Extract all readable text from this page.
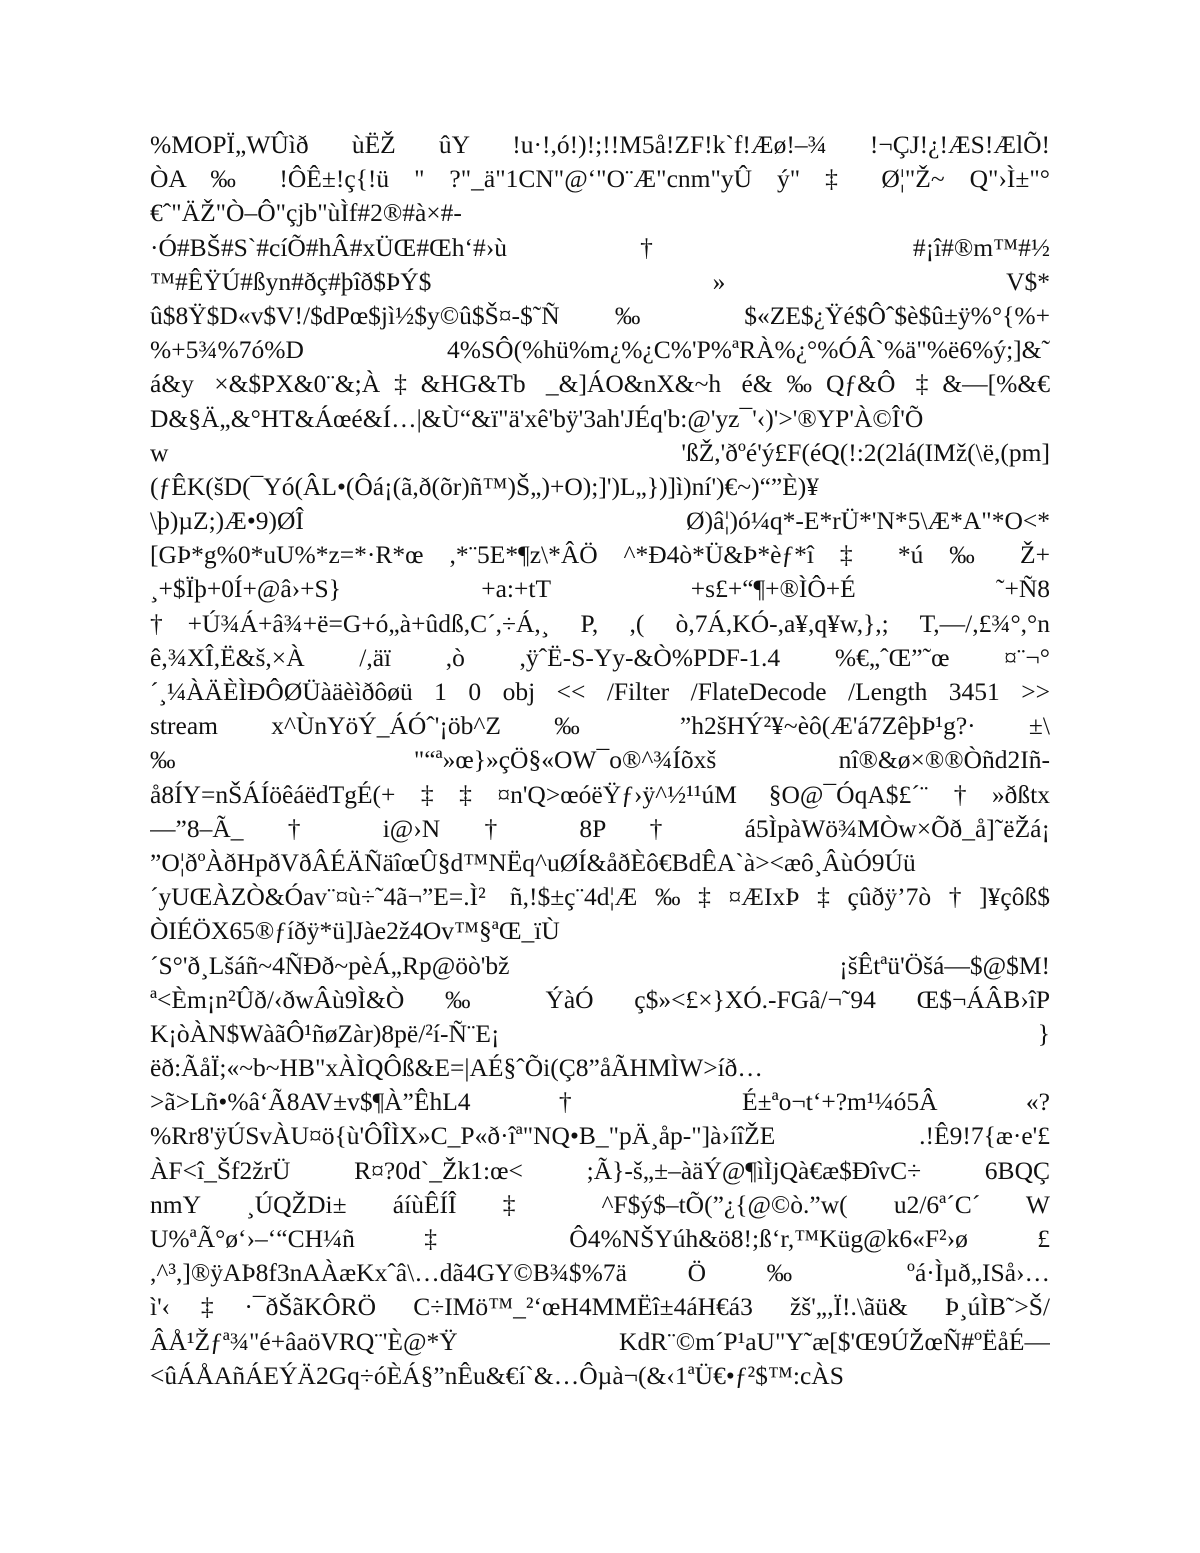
%MOPÏ„WÛìð ùËŽ ûY !u·!,ó!)!;!!M5å!ZF!k`f!Æø!–¾ !¬ÇJ!¿!ÆS!ÆlÕ!
ÒA ‰ !ÔÊ±!ç{!ü " ?"_ä"1CN"@‘"O¨Æ"cnm"yÛ ý" ‡ Ø¦"Ž~ Q"›Ì±"°
€ˆ"ÄŽ"Ò–Ô"çjb"ùÌf#2®#à×#-
·Ó#BŠ#S`#cíÕ#hÂ#xÜŒ#Œh‘#›ù † #¡î#®m™#½
™#ÊŸÚ#ßyn#ðç#þîð$ÞÝ$ » V$*
û$8Ÿ$D«v$V!/$dPœ$jì½$y©û$Š¤-$˜Ñ ‰ $«ZE$¿Ÿé$Ôˆ$è$û±ÿ%°{%+
%+5¾%7ó%D 4%SÔ(%hü%m¿%¿C%'P%ªRÀ%¿°%ÓÂ`%ä"%ë6%ý;]&˜
á&y ×&$PX&0¨&;À‡&HG&Tb _&]ÁO&nX&~h é&‰Qƒ&Ô ‡&—[%&€
D&§Ä„&°HT&Áœé&Í…|&Ù“&ï"ä'xê'bÿ'3ah'JÉq'b:@'yz¯'‹)'>'®YP'À©Î'Õ
w 'ßŽ,'ðºé'ý£F(éQ(!:2(2lá(IMž(\ë,(pm]
(ƒÊK(šD(¯Yó(ÂL•(Ôá¡(ã,ð(õr)ñ™)Š„)+O);]')L„})]ì)ní')€~)“”È)¥
\þ)µZ;)Æ•9)ØÎ Ø)â¦)ó¼q*-E*rÜ*'N*5\Æ*A"*O<*
[GÞ*g%0*uU%*z=*·R*œ ,*¨5E*¶z\*ÂÖ ^*Ð4ò*Ü&Þ*èƒ*î ‡ *ú ‰ Ž+
¸+$Ïþ+0Í+@â›+S} +a:+tT +s£+“¶+®ÌÔ+É ˜+Ñ8
†+Ú¾Á+â¾+ë=G+ó„à+ûdß,C´,÷Á,¸ P, ,( ò,7Á,KÓ-,a¥,q¥w,},; T,—/,£¾°,°n
ê,¾XÎ,Ë&š,×À /,äï ,ò ,ÿˆË-S-Yy-&Ò%PDF-1.4 %€„ˆŒ”˜œ ¤¨¬°
´¸¼ÀÄÈÌÐÔØÜàäèìðôøü 1 0 obj << /Filter /FlateDecode /Length 3451 >>
stream x^ÙnYöÝ_ÁÓˆ'¡öb^Z ‰ ”h2šHÝ²¥~èô(Æ'á7ZêþÞ¹g?· ±\
‰ "“ª»œ}»çÖ§«OW¯o®^¾Íõxš nî®&ø×®®Òñd2Iñ-
å8ÍY=nŠÁÍöêáëdTgÉ(+‡‡¤n'Q>œóëŸƒ›ÿ^½¹¹úM §O@¯ÓqA$£´¨†»ðßtx
—”8–Ã_ † i@›N † 8P † á5ÌpàWö¾MÒw×Õð_å]˜ëŽá¡
”O¦ðºÀðHpðVðÂÉÄÑäîœÛ§d™NËq^uØÍ&åðÈô€BdÊA`à><æô¸ÂùÓ9Úü
´yUŒÀZÒ&Óav¨¤ù÷˜4ã¬”E=.Ì² ñ,!$±ç¨4d¦Æ‰‡¤ÆIxÞ‡çûðÿ’7ò†]¥çôß$
ÒIÉÖX65®ƒíðÿ*ü]Jàe2ž4Ov™§ªŒ_ïÙ
´S°'ð¸Lšáñ~4ÑÐð~pèÁ„Rp@öò'bž ¡šÊtªü'Öšá—$@$M!
ª<Èm¡n²Ûð/‹ðwÂù9Ì&Ò ‰ ÝàÓ ç$»<£×}XÓ.-FGâ/¬˜94 Œ$¬ÁÂB›îP
K¡òÀN$WàãÔ¹ñøZàr)8pë/²í-Ñ¨E¡ }
ëð:ÃåÏ;«~b~HB"xÀÌQÔß&E=|AÉ§ˆÕi(Ç8”åÃHMÌW>íð…
>ã>Lñ•%â‘Ã8AV±v$¶À”ÊhL4 † É±ªo¬t‘+?m¹¼ó5Â «?
%Rr8'ÿÚSvÀU¤ö{ù'ÔÎÌX»C_P«ð·îª"NQ•B_"pÄ¸åp-"]à›íîŽE .!Ê9!7{æ·e'£
ÀF<î_Šf2žrÜ R¤?0d`_Žk1:œ< ;Ã}-š„±–àäÝ@¶ìÌjQà€æ$ÐîvC÷ 6BQÇ
nmY ¸ÚQŽDi± áíùÊÍÎ ‡ ^F$ý$–tÕ(”¿{@©ò.”w( u2/6ª´C´ W
U%ªÃ°ø‘›–‘“CH¼ñ ‡ Ô4%NŠYúh&ö8!;ß‘r,™Küg@k6«F²›ø £
,^³,]®ÿAÞ8f3nAÀæKxˆâ\…dã4GY©B¾$%7ä Ö ‰ ºá·Ìµð„ISå›…
ì'‹‡·¯ðŠãKÔRÖ C÷IMö™_²‘œH4MMËî±4áH€á3 žš'„,Ï!.\ãü& Þ¸úÌB˜>Š/
ÂÅ¹Žƒª¾"é+âaöVRQ¨'È@*Ÿ KdR¨©m´P¹aU"Y˜æ[$'Œ9ÚŽœÑ#ºËåÉ—
<ûÁÅAñÁEÝÄ2Gq÷óÈÁ§”nÊu&€í`&…Ôµà¬(&‹1ªÜ€•ƒ²$™:cÀS
